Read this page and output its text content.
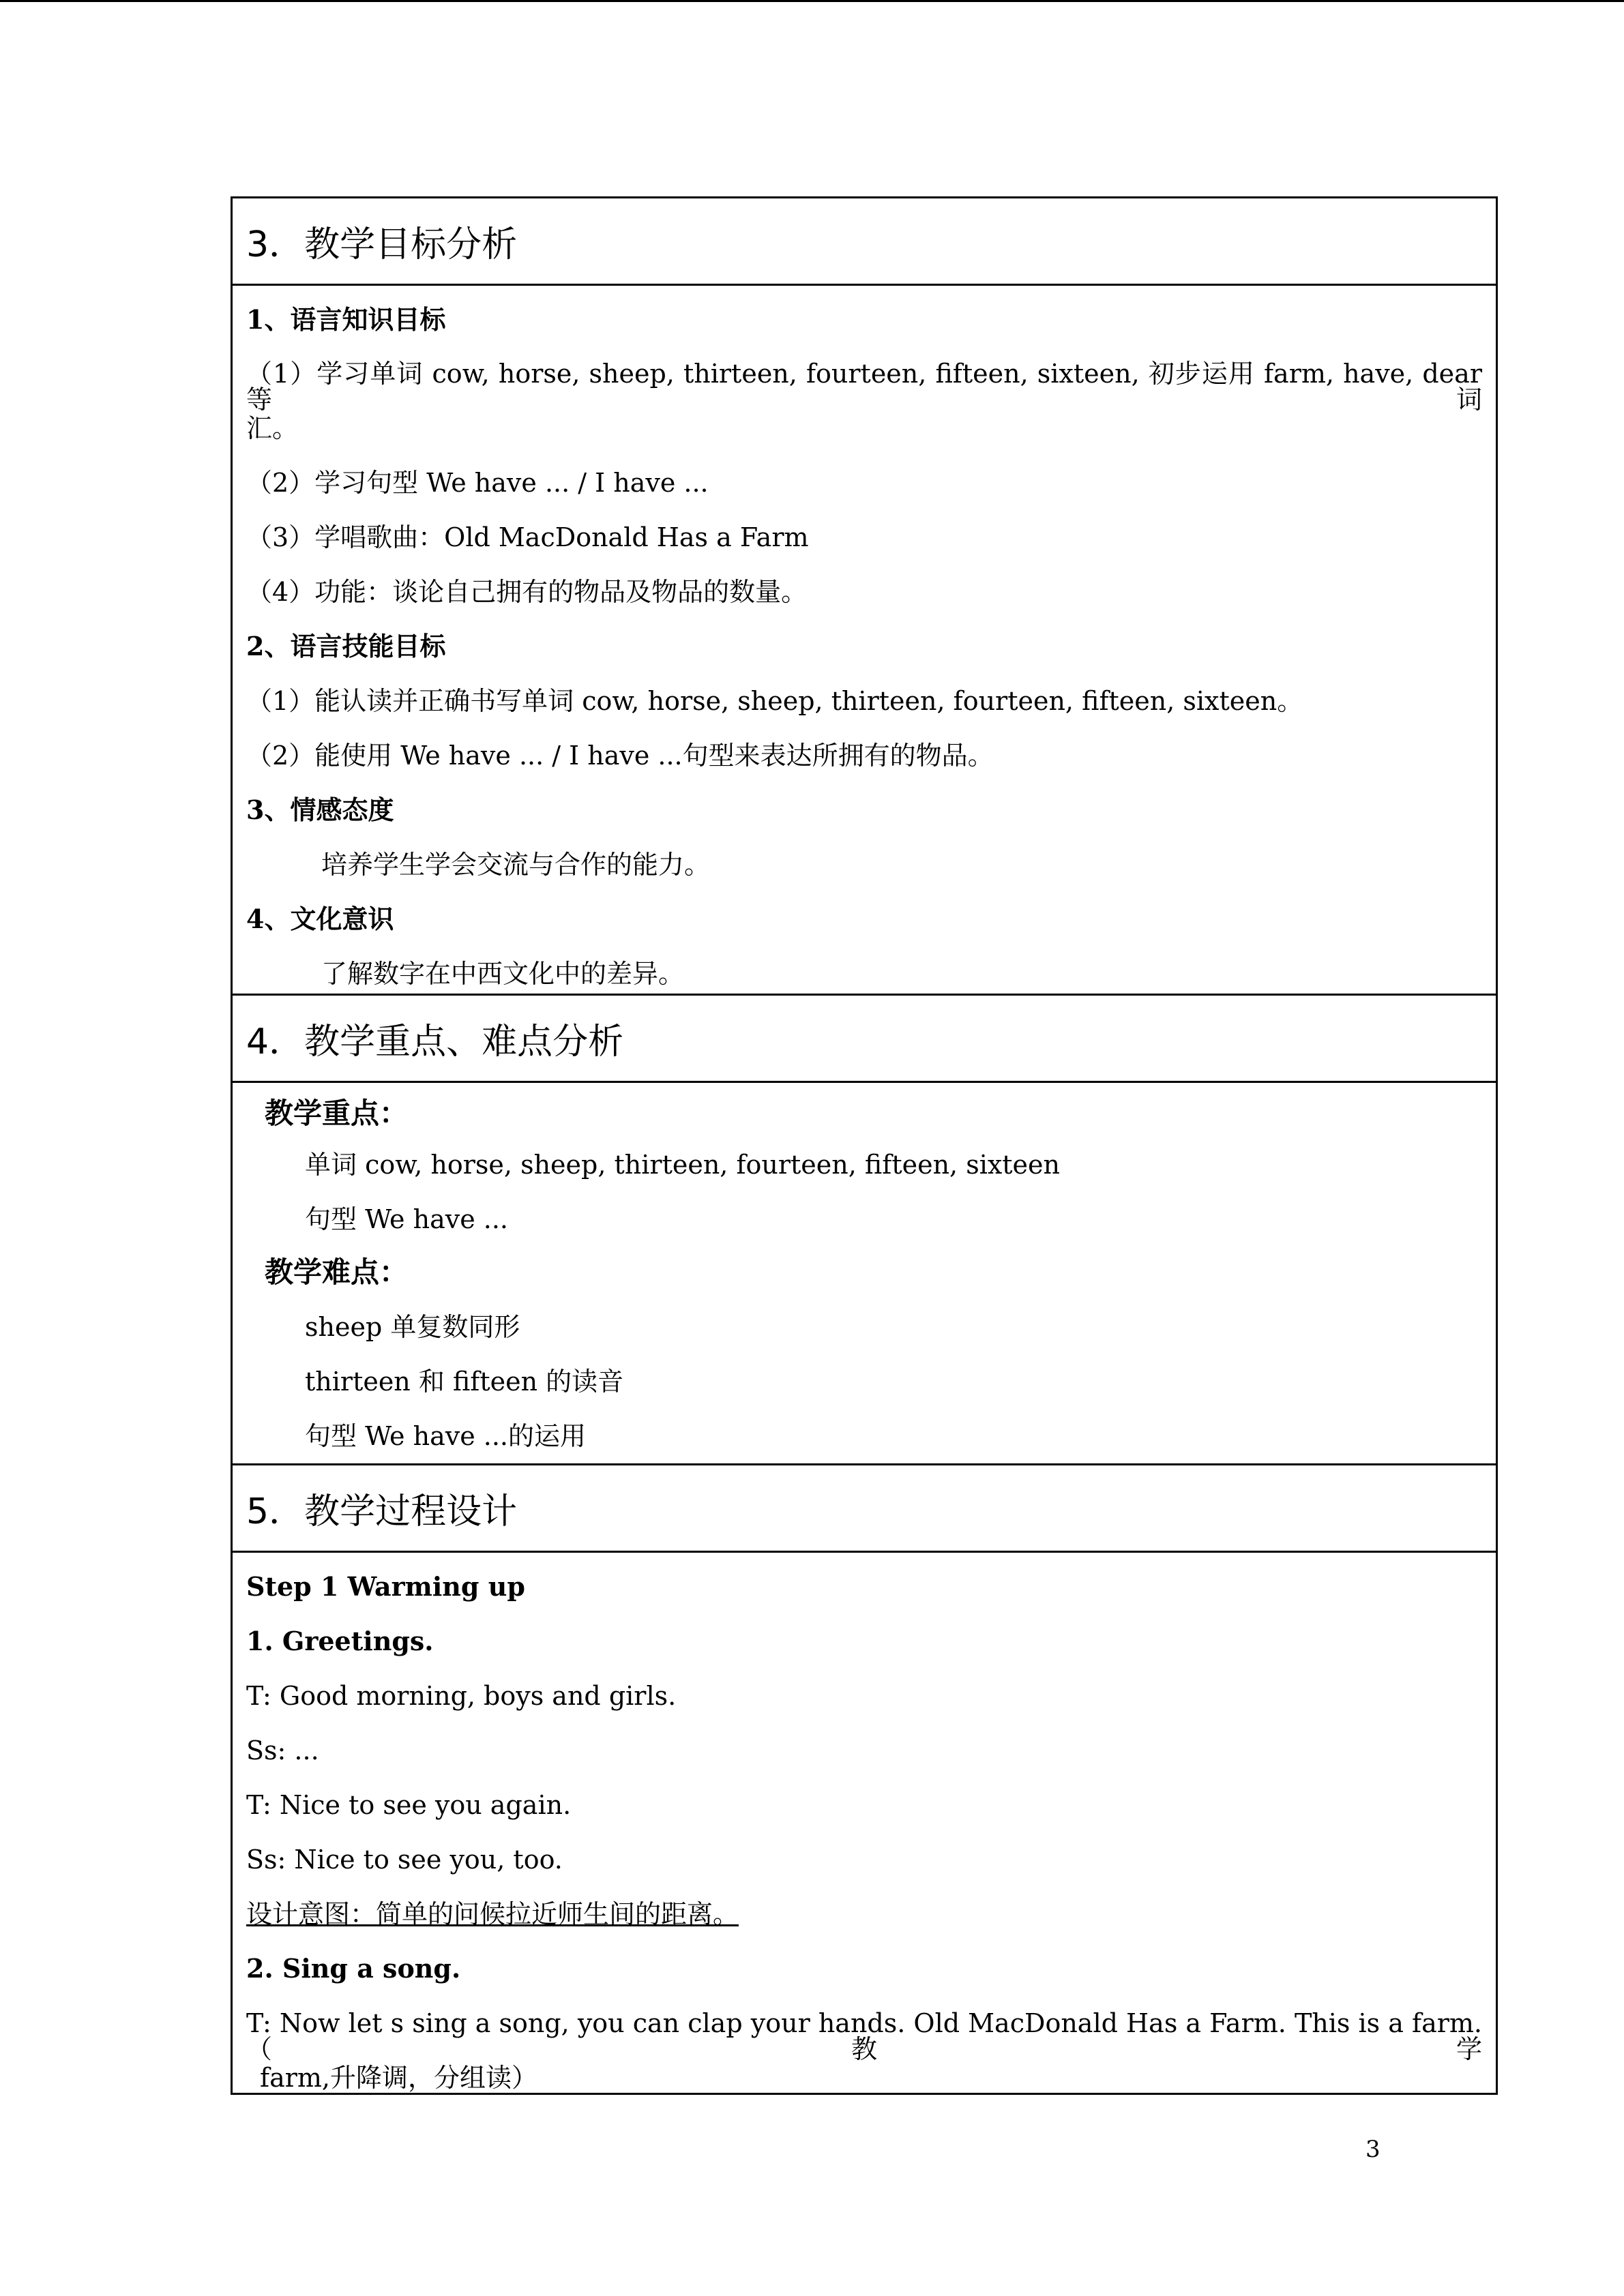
3．教学目标分析
1、语言知识目标
（1）学习单词 cow, horse, sheep, thirteen, fourteen, fifteen, sixteen, 初步运用 farm, have, dear 等词
汇。
（2）学习句型 We have ... / I have ...
（3）学唱歌曲：Old MacDonald Has a Farm
（4）功能：谈论自己拥有的物品及物品的数量。
2、语言技能目标
（1）能认读并正确书写单词 cow, horse, sheep, thirteen, fourteen, fifteen, sixteen。
（2）能使用 We have ... / I have ...句型来表达所拥有的物品。
3、情感态度
培养学生学会交流与合作的能力。
4、文化意识
了解数字在中西文化中的差异。
4．教学重点、难点分析
教学重点：
单词 cow, horse, sheep, thirteen, fourteen, fifteen, sixteen
句型 We have ...
教学难点：
sheep 单复数同形
thirteen 和 fifteen 的读音
句型 We have ...的运用
5．教学过程设计
Step 1 Warming up
1. Greetings.
T: Good morning, boys and girls.
Ss: ...
T: Nice to see you again.
Ss: Nice to see you, too.
设计意图：简单的问候拉近师生间的距离。
2. Sing a song.
T: Now let s sing a song, you can clap your hands. Old MacDonald Has a Farm. This is a farm.（教学
farm,升降调，分组读）
3
